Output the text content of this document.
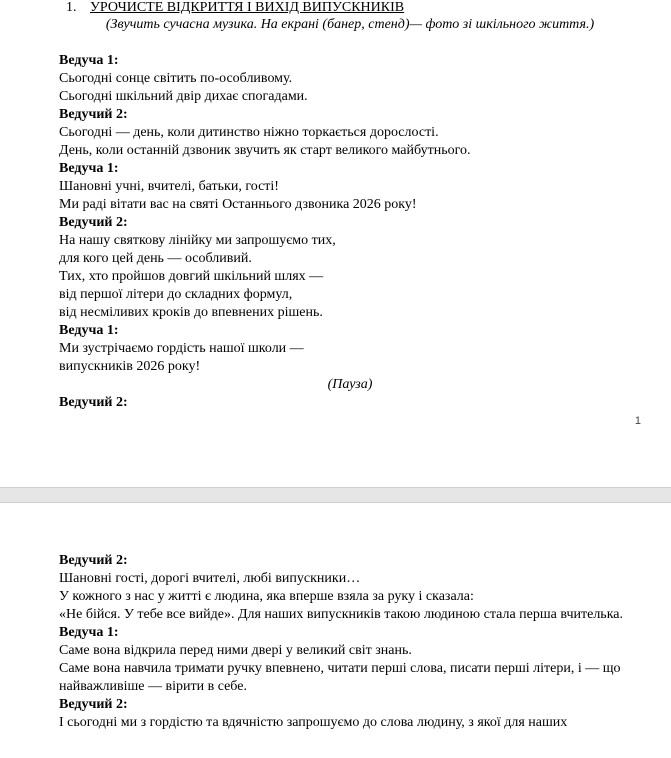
1. УРОЧИСТЕ ВІДКРИТТЯ І ВИХІД ВИПУСКНИКІВ
(Звучить сучасна музика. На екрані (банер, стенд)— фото зі шкільного життя.)
Ведуча 1:
Сьогодні сонце світить по-особливому.
Сьогодні шкільний двір дихає спогадами.
Ведучий 2:
Сьогодні — день, коли дитинство ніжно торкається дорослості.
День, коли останній дзвоник звучить як старт великого майбутнього.
Ведуча 1:
Шановні учні, вчителі, батьки, гості!
Ми раді вітати вас на святі Останнього дзвоника 2026 року!
Ведучий 2:
На нашу святкову лінійку ми запрошуємо тих,
для кого цей день — особливий.
Тих, хто пройшов довгий шкільний шлях —
від першої літери до складних формул,
від несміливих кроків до впевнених рішень.
Ведуча 1:
Ми зустрічаємо гордість нашої школи —
випускників 2026 року!
(Пауза)
Ведучий 2:
1
Ведучий 2:
Шановні гості, дорогі вчителі, любі випускники…
У кожного з нас у житті є людина, яка вперше взяла за руку і сказала:
«Не бійся. У тебе все вийде». Для наших випускників такою людиною стала перша вчителька.
Ведуча 1:
Саме вона відкрила перед ними двері у великий світ знань.
Саме вона навчила тримати ручку впевнено, читати перші слова, писати перші літери, і — що найважливіше — вірити в себе.
Ведучий 2:
І сьогодні ми з гордістю та вдячністю запрошуємо до слова людину, з якої для наших
